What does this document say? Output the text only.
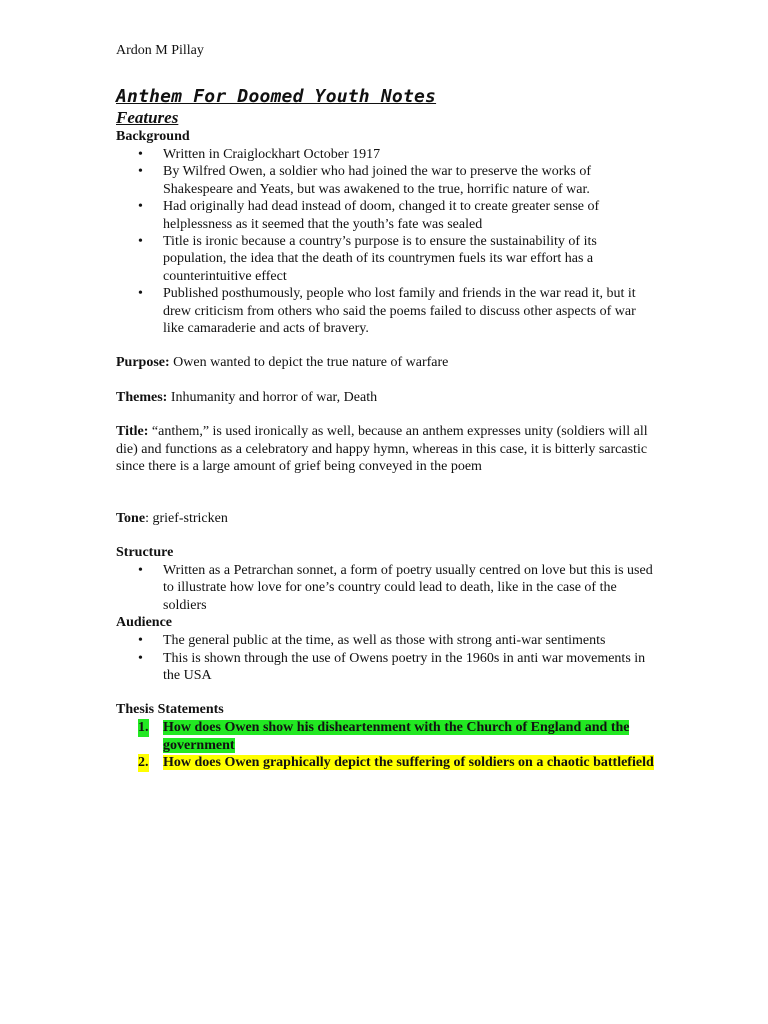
Ardon M Pillay

Anthem For Doomed Youth Notes
Features

Background

• Written in Craiglockhart October 1917
• By Wilfred Owen, a soldier who had joined the war to preserve the works of Shakespeare and Yeats, but was awakened to the true, horrific nature of war.
• Had originally had dead instead of doom, changed it to create greater sense of helplessness as it seemed that the youth’s fate was sealed
• Title is ironic because a country’s purpose is to ensure the sustainability of its population, the idea that the death of its countrymen fuels its war effort has a counterintuitive effect
• Published posthumously, people who lost family and friends in the war read it, but it drew criticism from others who said the poems failed to discuss other aspects of war like camaraderie and acts of bravery.

Purpose: Owen wanted to depict the true nature of warfare

Themes: Inhumanity and horror of war, Death

Title: “anthem,” is used ironically as well, because an anthem expresses unity (soldiers will all die) and functions as a celebratory and happy hymn, whereas in this case, it is bitterly sarcastic since there is a large amount of grief being conveyed in the poem

Tone: grief-stricken

Structure

• Written as a Petrarchan sonnet, a form of poetry usually centred on love but this is used to illustrate how love for one’s country could lead to death, like in the case of the soldiers

Audience

• The general public at the time, as well as those with strong anti-war sentiments
• This is shown through the use of Owens poetry in the 1960s in anti war movements in the USA

Thesis Statements

1. How does Owen show his disheartenment with the Church of England and the government
2. How does Owen graphically depict the suffering of soldiers on a chaotic battlefield
